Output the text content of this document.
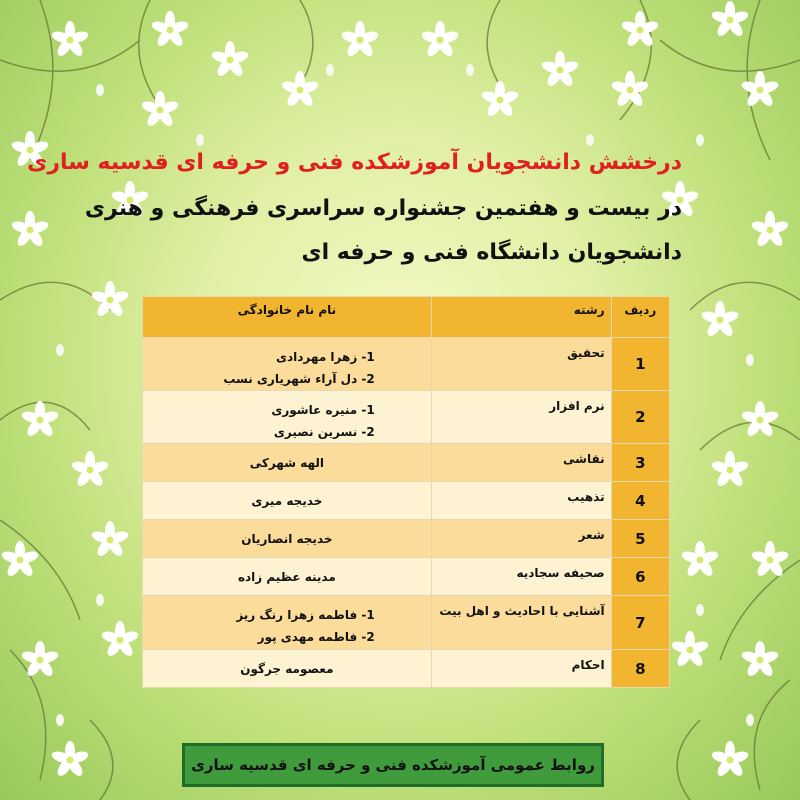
درخشش دانشجویان آموزشکده فنی و حرفه ای قدسیه ساری
در بیست و هفتمین جشنواره سراسری فرهنگی و هنری
دانشجویان دانشگاه فنی و حرفه ای
ردیف	رشته	نام نام خانوادگی
1	تحقیق	1- زهرا مهردادی
2- دل آراء شهریاری نسب

2	نرم افزار	1- منیره عاشوری
2- نسرین نصیری

3	نقاشی	الهه شهرکی

4	تذهیب	خدیجه میری

5	شعر	خدیجه انصاریان

6	صحیفه سجادیه	مدینه عظیم زاده

7	آشنایی با احادیث و اهل بیت	1- فاطمه زهرا رنگ ریز
2- فاطمه مهدی پور

8	احکام	معصومه جرگون
روابط عمومی آموزشکده فنی و حرفه ای قدسیه ساری
